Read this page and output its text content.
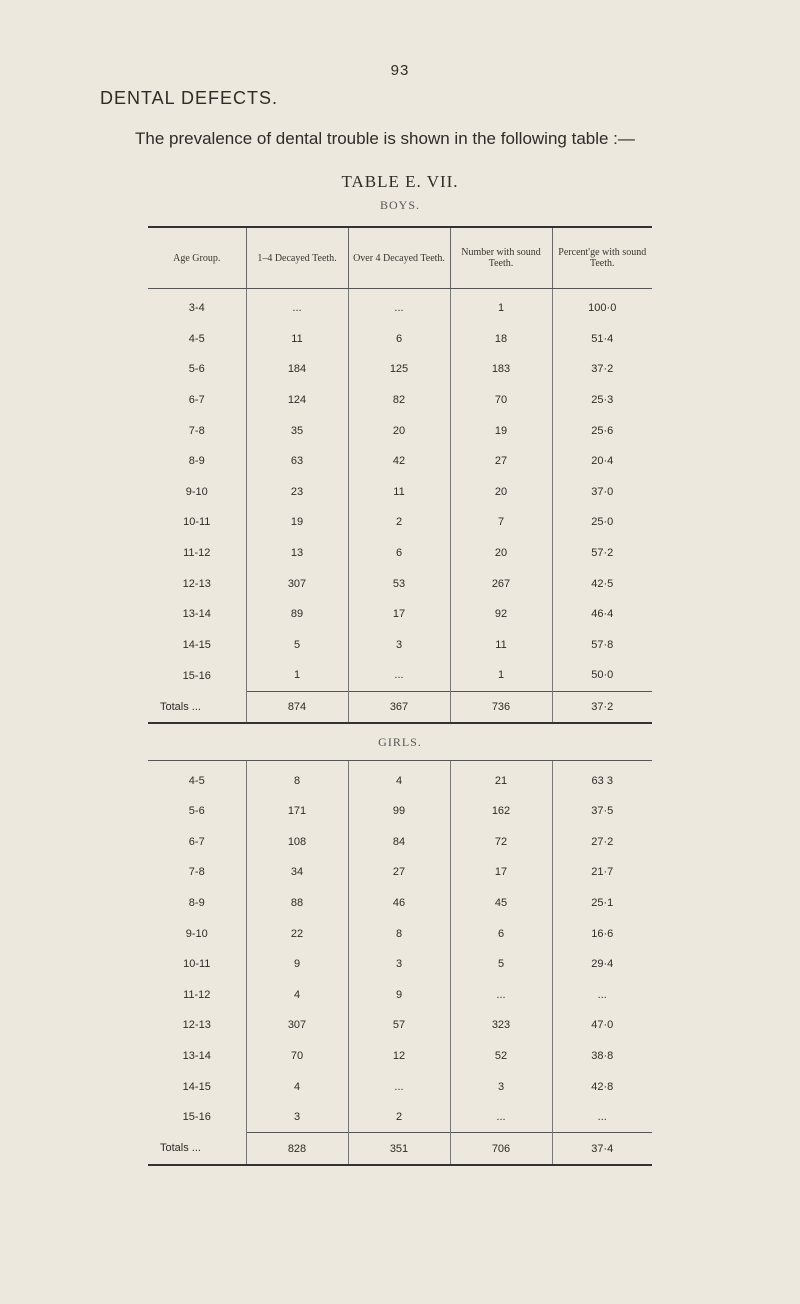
93
DENTAL DEFECTS.
The prevalence of dental trouble is shown in the following table :—
TABLE E. VII.
BOYS.
Age Group.	1–4 Decayed Teeth.	Over 4 Decayed Teeth.	Number with sound Teeth.	Percent'ge with sound Teeth.
3-4	...	...	1	100·0
4-5	11	6	18	51·4
5-6	184	125	183	37·2
6-7	124	82	70	25·3
7-8	35	20	19	25·6
8-9	63	42	27	20·4
9-10	23	11	20	37·0
10-11	19	2	7	25·0
11-12	13	6	20	57·2
12-13	307	53	267	42·5
13-14	89	17	92	46·4
14-15	5	3	11	57·8
15-16	1	...	1	50·0
Totals ...	874	367	736	37·2
GIRLS.				
4-5	8	4	21	63 3
5-6	171	99	162	37·5
6-7	108	84	72	27·2
7-8	34	27	17	21·7
8-9	88	46	45	25·1
9-10	22	8	6	16·6
10-11	9	3	5	29·4
11-12	4	9	...	...
12-13	307	57	323	47·0
13-14	70	12	52	38·8
14-15	4	...	3	42·8
15-16	3	2	...	...
Totals ...	828	351	706	37·4
